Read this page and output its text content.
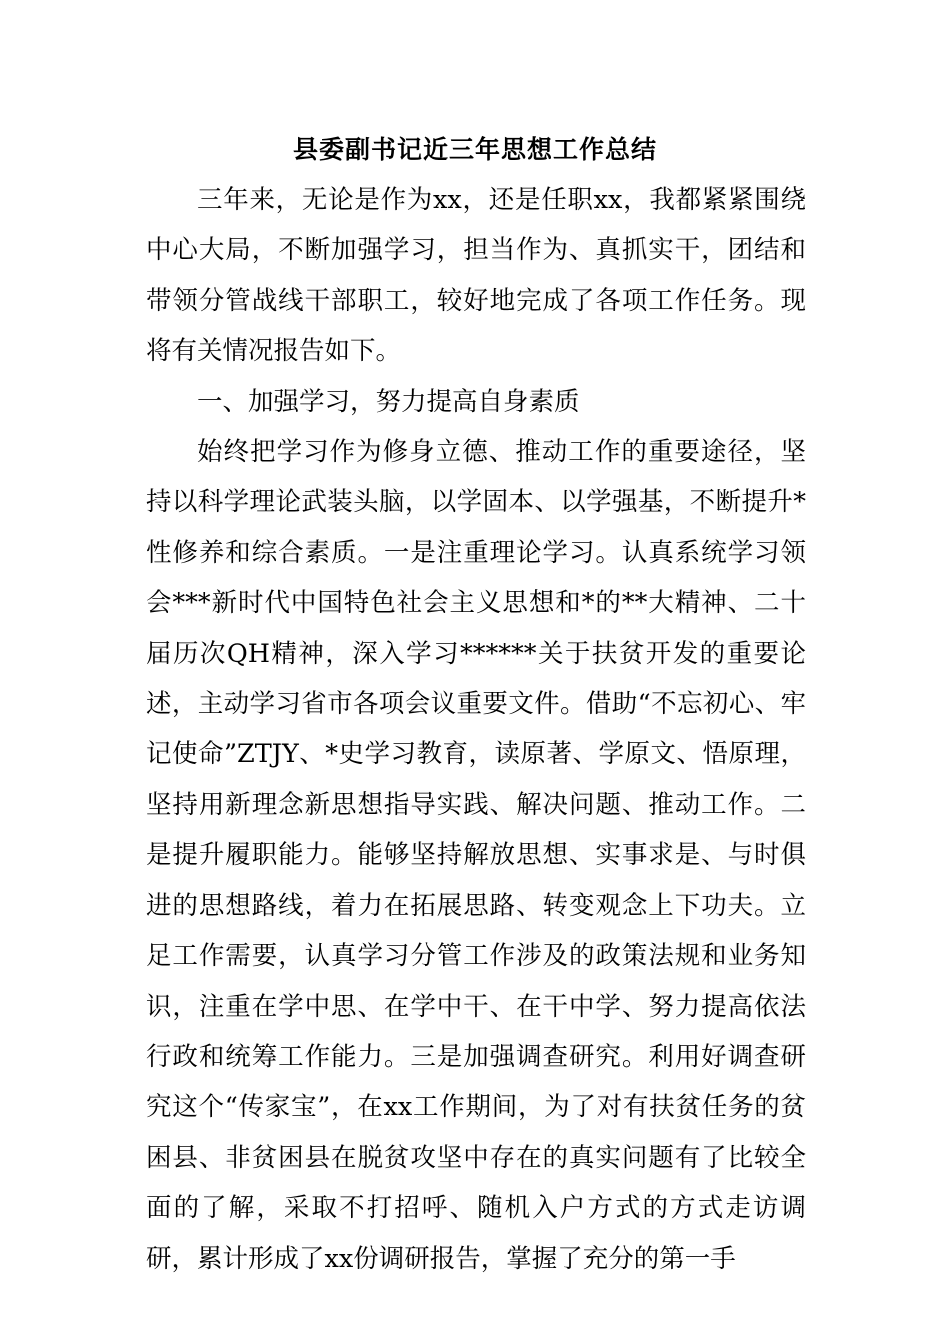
县委副书记近三年思想工作总结

三年来，无论是作为xx，还是任职xx，我都紧紧围绕中心大局，不断加强学习，担当作为、真抓实干，团结和带领分管战线干部职工，较好地完成了各项工作任务。现将有关情况报告如下。

一、加强学习，努力提高自身素质

始终把学习作为修身立德、推动工作的重要途径，坚持以科学理论武装头脑，以学固本、以学强基，不断提升*性修养和综合素质。一是注重理论学习。认真系统学习领会***新时代中国特色社会主义思想和*的**大精神、二十届历次QH精神，深入学习******关于扶贫开发的重要论述，主动学习省市各项会议重要文件。借助“不忘初心、牢记使命”ZTJY、*史学习教育，读原著、学原文、悟原理，坚持用新理念新思想指导实践、解决问题、推动工作。二是提升履职能力。能够坚持解放思想、实事求是、与时俱进的思想路线，着力在拓展思路、转变观念上下功夫。立足工作需要，认真学习分管工作涉及的政策法规和业务知识，注重在学中思、在学中干、在干中学、努力提高依法行政和统筹工作能力。三是加强调查研究。利用好调查研究这个“传家宝”，在xx工作期间，为了对有扶贫任务的贫困县、非贫困县在脱贫攻坚中存在的真实问题有了比较全面的了解，采取不打招呼、随机入户方式的方式走访调研，累计形成了xx份调研报告，掌握了充分的第一手
